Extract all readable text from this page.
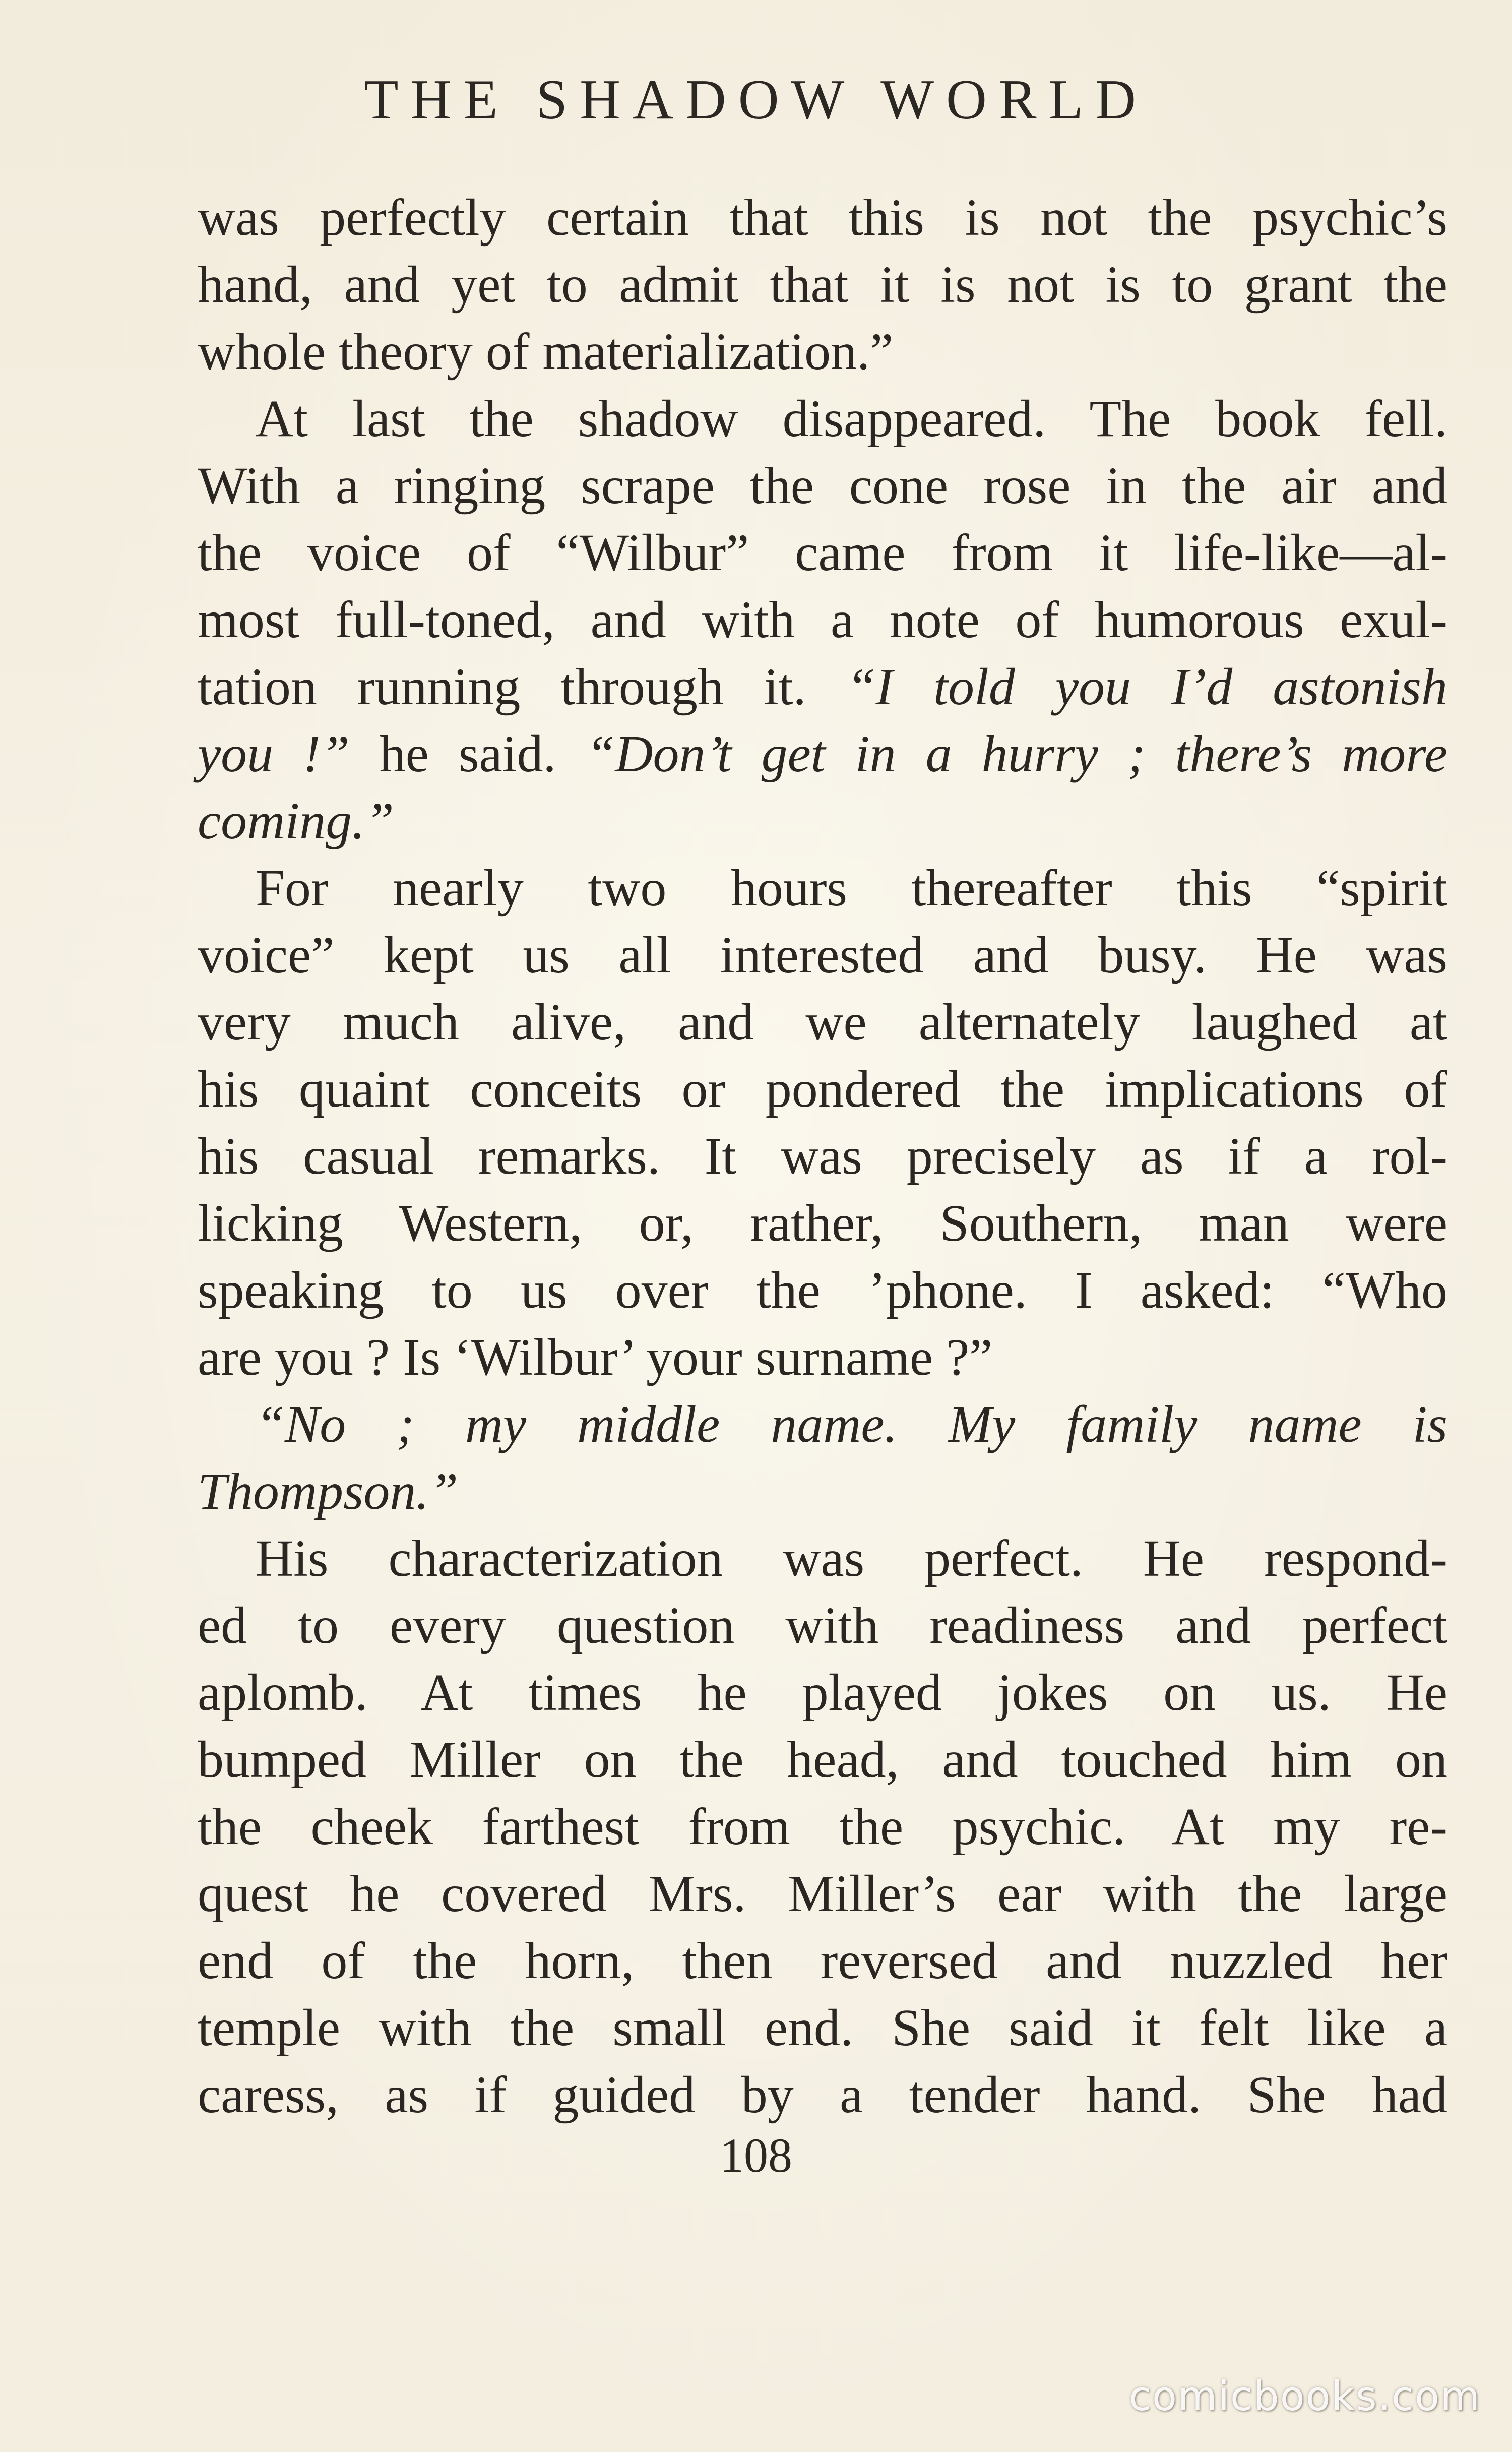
THE SHADOW WORLD
was perfectly certain that this is not the psychic’s
hand, and yet to admit that it is not is to grant the
whole theory of materialization.”
At last the shadow disappeared. The book fell.
With a ringing scrape the cone rose in the air and
the voice of “Wilbur” came from it life-like—al-
most full-toned, and with a note of humorous exul-
tation running through it. “I told you I’d astonish
you !” he said. “Don’t get in a hurry ; there’s more
coming.”
For nearly two hours thereafter this “spirit
voice” kept us all interested and busy. He was
very much alive, and we alternately laughed at
his quaint conceits or pondered the implications of
his casual remarks. It was precisely as if a rol-
licking Western, or, rather, Southern, man were
speaking to us over the ’phone. I asked: “Who
are you ? Is ‘Wilbur’ your surname ?”
“No ; my middle name. My family name is
Thompson.”
His characterization was perfect. He respond-
ed to every question with readiness and perfect
aplomb. At times he played jokes on us. He
bumped Miller on the head, and touched him on
the cheek farthest from the psychic. At my re-
quest he covered Mrs. Miller’s ear with the large
end of the horn, then reversed and nuzzled her
temple with the small end. She said it felt like a
caress, as if guided by a tender hand. She had
108
comicbooks.com
